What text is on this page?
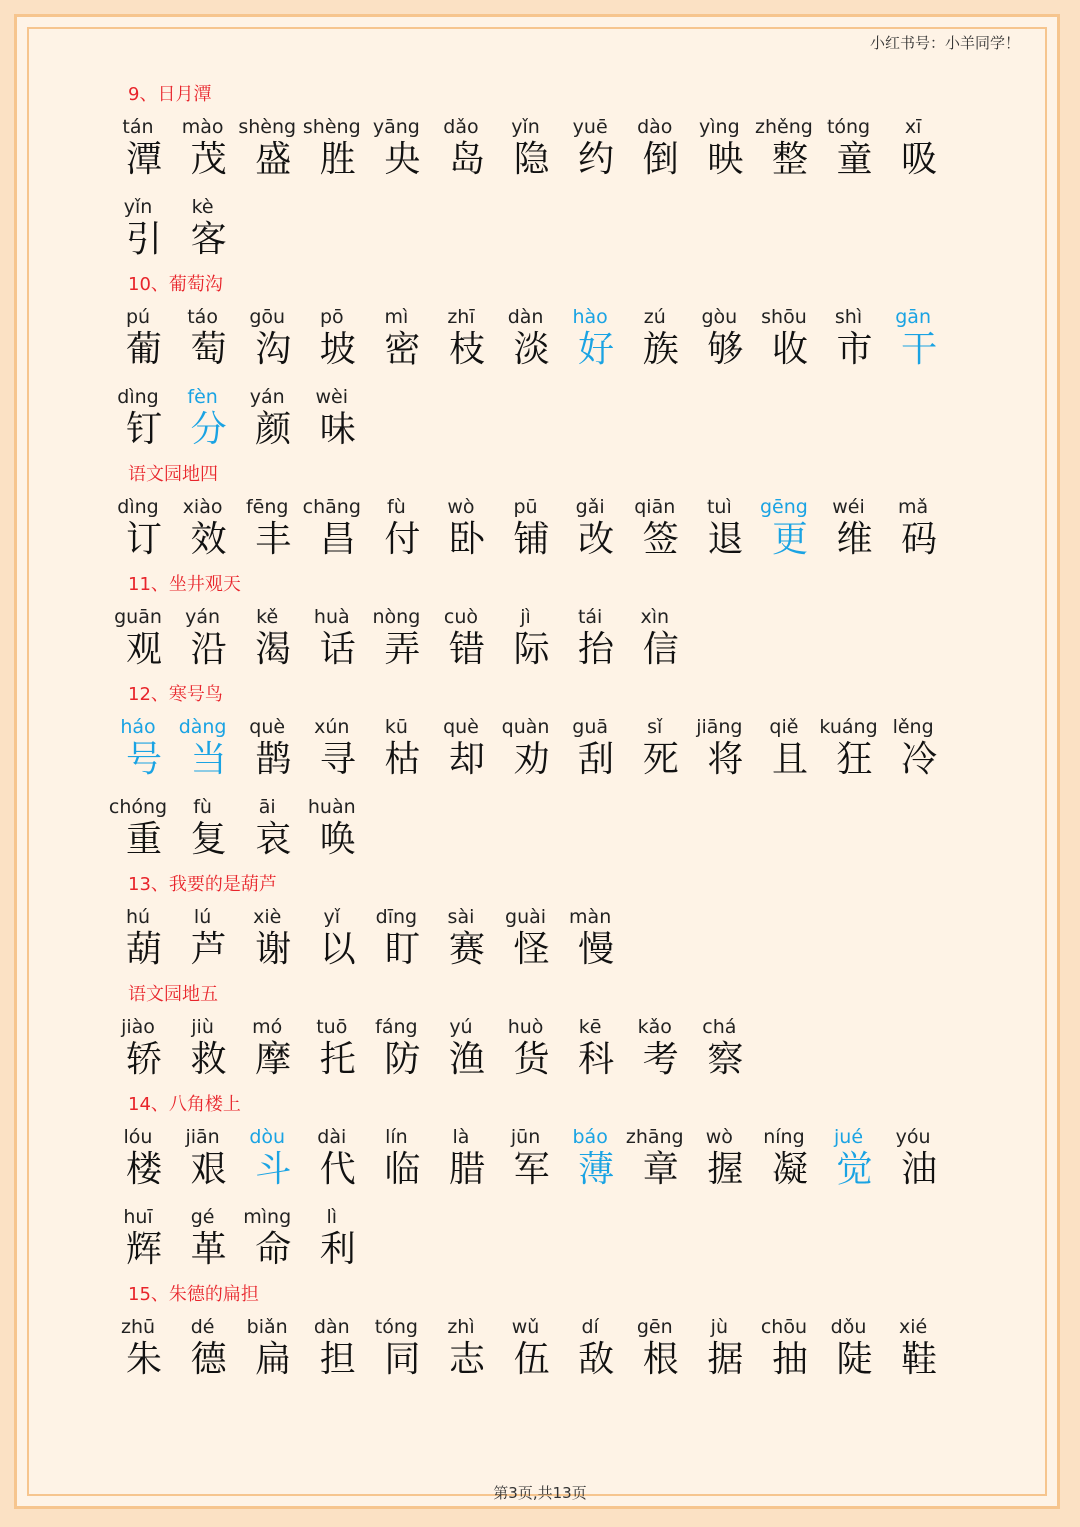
小红书号：小羊同学！
9、日月潭
tán
潭
mào
茂
shèng
盛
shèng
胜
yāng
央
dǎo
岛
yǐn
隐
yuē
约
dào
倒
yìng
映
zhěng
整
tóng
童
xī
吸
yǐn
引
kè
客
10、葡萄沟
pú
葡
táo
萄
gōu
沟
pō
坡
mì
密
zhī
枝
dàn
淡
hào
好
zú
族
gòu
够
shōu
收
shì
市
gān
干
dìng
钉
fèn
分
yán
颜
wèi
味
语文园地四
dìng
订
xiào
效
fēng
丰
chāng
昌
fù
付
wò
卧
pū
铺
gǎi
改
qiān
签
tuì
退
gēng
更
wéi
维
mǎ
码
11、坐井观天
guān
观
yán
沿
kě
渴
huà
话
nòng
弄
cuò
错
jì
际
tái
抬
xìn
信
12、寒号鸟
háo
号
dàng
当
què
鹊
xún
寻
kū
枯
què
却
quàn
劝
guā
刮
sǐ
死
jiāng
将
qiě
且
kuáng
狂
lěng
冷
chóng
重
fù
复
āi
哀
huàn
唤
13、我要的是葫芦
hú
葫
lú
芦
xiè
谢
yǐ
以
dīng
盯
sài
赛
guài
怪
màn
慢
语文园地五
jiào
轿
jiù
救
mó
摩
tuō
托
fáng
防
yú
渔
huò
货
kē
科
kǎo
考
chá
察
14、八角楼上
lóu
楼
jiān
艰
dòu
斗
dài
代
lín
临
là
腊
jūn
军
báo
薄
zhāng
章
wò
握
níng
凝
jué
觉
yóu
油
huī
辉
gé
革
mìng
命
lì
利
15、朱德的扁担
zhū
朱
dé
德
biǎn
扁
dàn
担
tóng
同
zhì
志
wǔ
伍
dí
敌
gēn
根
jù
据
chōu
抽
dǒu
陡
xié
鞋
第3页,共13页
